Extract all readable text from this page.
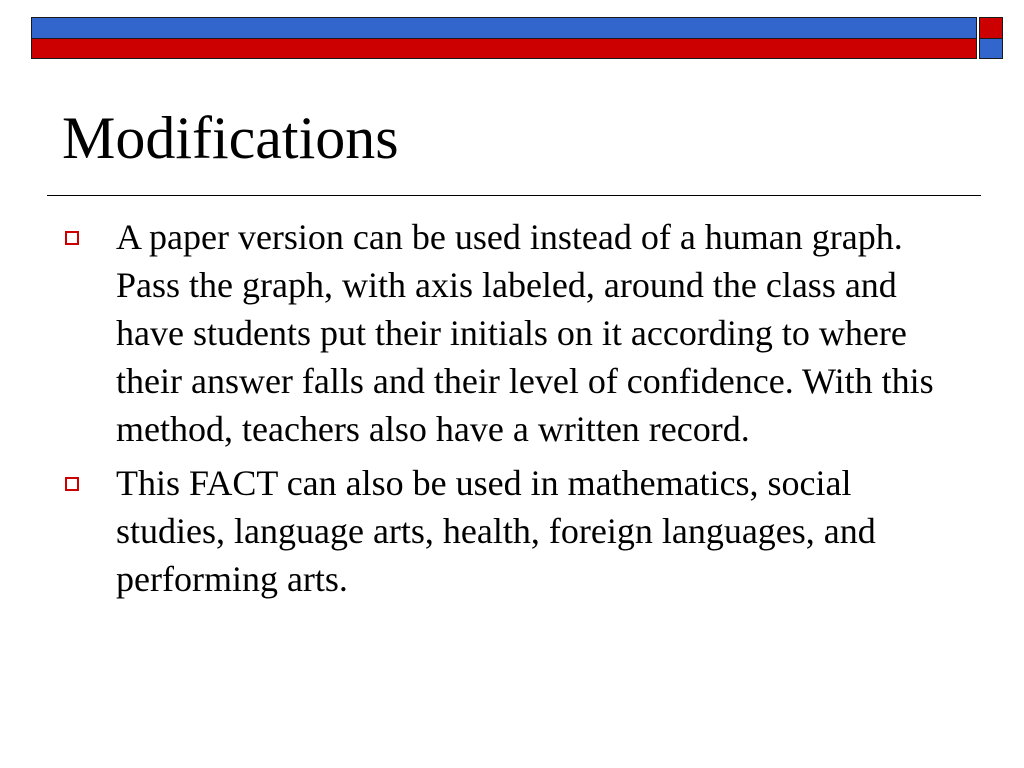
Modifications
A paper version can be used instead of a human graph. Pass the graph, with axis labeled, around the class and have students put their initials on it according to where their answer falls and their level of confidence. With this method, teachers also have a written record.
This FACT can also be used in mathematics, social studies, language arts, health, foreign languages, and performing arts.
